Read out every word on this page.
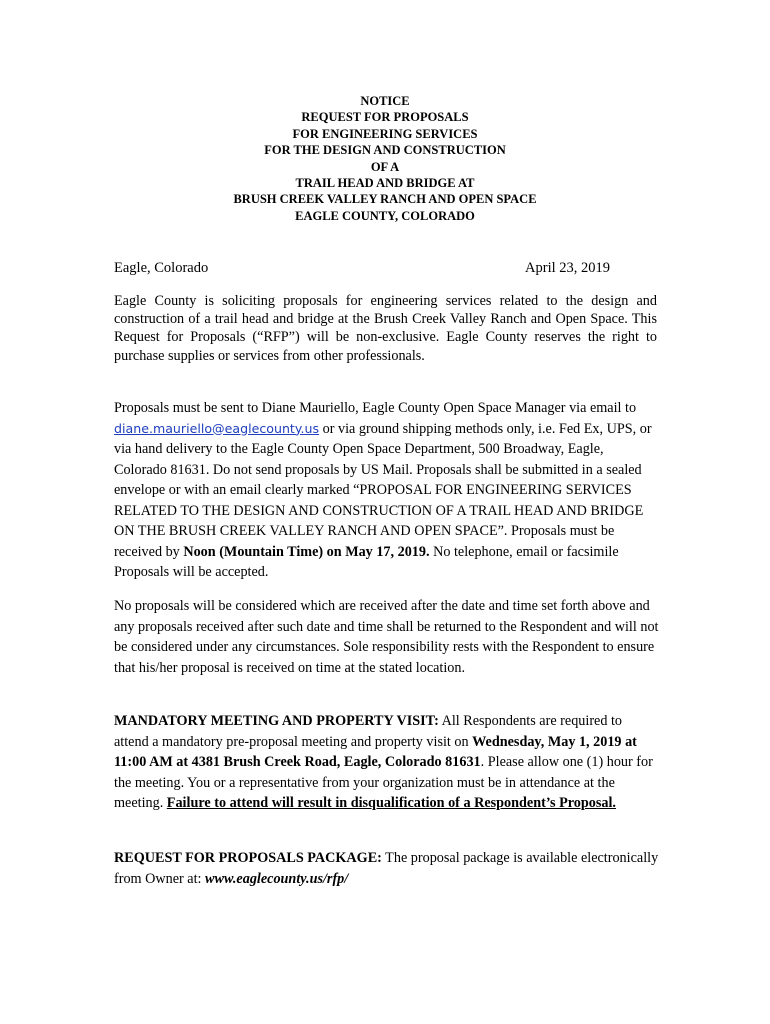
NOTICE
REQUEST FOR PROPOSALS
FOR ENGINEERING SERVICES
FOR THE DESIGN AND CONSTRUCTION
OF A
TRAIL HEAD AND BRIDGE AT
BRUSH CREEK VALLEY RANCH AND OPEN SPACE
EAGLE COUNTY, COLORADO
Eagle, Colorado	April 23, 2019

Eagle County is soliciting proposals for engineering services related to the design and construction of a trail head and bridge at the Brush Creek Valley Ranch and Open Space. This Request for Proposals (“RFP”) will be non-exclusive. Eagle County reserves the right to purchase supplies or services from other professionals.

Proposals must be sent to Diane Mauriello, Eagle County Open Space Manager via email to diane.mauriello@eaglecounty.us or via ground shipping methods only, i.e. Fed Ex, UPS, or via hand delivery to the Eagle County Open Space Department, 500 Broadway, Eagle, Colorado 81631. Do not send proposals by US Mail. Proposals shall be submitted in a sealed envelope or with an email clearly marked “PROPOSAL FOR ENGINEERING SERVICES RELATED TO THE DESIGN AND CONSTRUCTION OF A TRAIL HEAD AND BRIDGE ON THE BRUSH CREEK VALLEY RANCH AND OPEN SPACE”. Proposals must be received by Noon (Mountain Time) on May 17, 2019. No telephone, email or facsimile Proposals will be accepted.

No proposals will be considered which are received after the date and time set forth above and any proposals received after such date and time shall be returned to the Respondent and will not be considered under any circumstances. Sole responsibility rests with the Respondent to ensure that his/her proposal is received on time at the stated location.

MANDATORY MEETING AND PROPERTY VISIT: All Respondents are required to attend a mandatory pre-proposal meeting and property visit on Wednesday, May 1, 2019 at 11:00 AM at 4381 Brush Creek Road, Eagle, Colorado 81631. Please allow one (1) hour for the meeting. You or a representative from your organization must be in attendance at the meeting. Failure to attend will result in disqualification of a Respondent’s Proposal.

REQUEST FOR PROPOSALS PACKAGE: The proposal package is available electronically from Owner at: www.eaglecounty.us/rfp/
